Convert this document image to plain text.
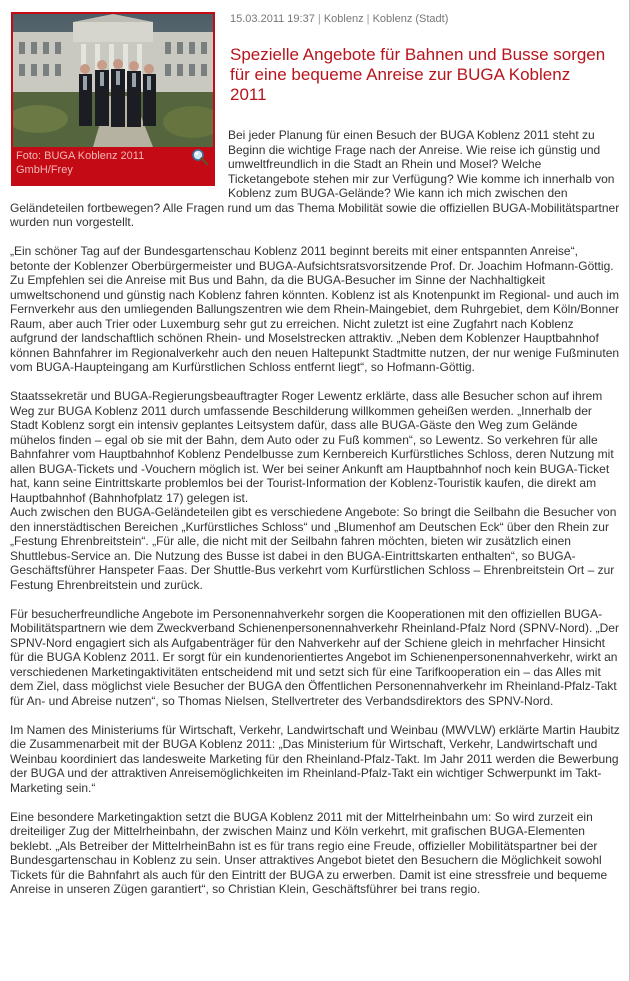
Foto: BUGA Koblenz 2011 GmbH/Frey
15.03.2011 19:37 | Koblenz | Koblenz (Stadt)
Spezielle Angebote für Bahnen und Busse sorgen für eine bequeme Anreise zur BUGA Koblenz 2011

Bei jeder Planung für einen Besuch der BUGA Koblenz 2011 steht zu Beginn die wichtige Frage nach der Anreise. Wie reise ich günstig und umweltfreundlich in die Stadt an Rhein und Mosel? Welche Ticketangebote stehen mir zur Verfügung? Wie komme ich innerhalb von Koblenz zum BUGA-Gelände? Wie kann ich mich zwischen den Geländeteilen fortbewegen? Alle Fragen rund um das Thema Mobilität sowie die offiziellen BUGA-Mobilitätspartner wurden nun vorgestellt.

„Ein schöner Tag auf der Bundesgartenschau Koblenz 2011 beginnt bereits mit einer entspannten Anreise“, betonte der Koblenzer Oberbürgermeister und BUGA-Aufsichtsratsvorsitzende Prof. Dr. Joachim Hofmann-Göttig. Zu Empfehlen sei die Anreise mit Bus und Bahn, da die BUGA-Besucher im Sinne der Nachhaltigkeit umweltschonend und günstig nach Koblenz fahren könnten. Koblenz ist als Knotenpunkt im Regional- und auch im Fernverkehr aus den umliegenden Ballungszentren wie dem Rhein-Maingebiet, dem Ruhrgebiet, dem Köln/Bonner Raum, aber auch Trier oder Luxemburg sehr gut zu erreichen. Nicht zuletzt ist eine Zugfahrt nach Koblenz aufgrund der landschaftlich schönen Rhein- und Moselstrecken attraktiv. „Neben dem Koblenzer Hauptbahnhof können Bahnfahrer im Regionalverkehr auch den neuen Haltepunkt Stadtmitte nutzen, der nur wenige Fußminuten vom BUGA-Haupteingang am Kurfürstlichen Schloss entfernt liegt“, so Hofmann-Göttig.

Staatssekretär und BUGA-Regierungsbeauftragter Roger Lewentz erklärte, dass alle Besucher schon auf ihrem Weg zur BUGA Koblenz 2011 durch umfassende Beschilderung willkommen geheißen werden. „Innerhalb der Stadt Koblenz sorgt ein intensiv geplantes Leitsystem dafür, dass alle BUGA-Gäste den Weg zum Gelände mühelos finden – egal ob sie mit der Bahn, dem Auto oder zu Fuß kommen“, so Lewentz. So verkehren für alle Bahnfahrer vom Hauptbahnhof Koblenz Pendelbusse zum Kernbereich Kurfürstliches Schloss, deren Nutzung mit allen BUGA-Tickets und -Vouchern möglich ist. Wer bei seiner Ankunft am Hauptbahnhof noch kein BUGA-Ticket hat, kann seine Eintrittskarte problemlos bei der Tourist-Information der Koblenz-Touristik kaufen, die direkt am Hauptbahnhof (Bahnhofplatz 17) gelegen ist.

Auch zwischen den BUGA-Geländeteilen gibt es verschiedene Angebote: So bringt die Seilbahn die Besucher von den innerstädtischen Bereichen „Kurfürstliches Schloss“ und „Blumenhof am Deutschen Eck“ über den Rhein zur „Festung Ehrenbreitstein“. „Für alle, die nicht mit der Seilbahn fahren möchten, bieten wir zusätzlich einen Shuttlebus-Service an. Die Nutzung des Busse ist dabei in den BUGA-Eintrittskarten enthalten“, so BUGA-Geschäftsführer Hanspeter Faas. Der Shuttle-Bus verkehrt vom Kurfürstlichen Schloss – Ehrenbreitstein Ort – zur Festung Ehrenbreitstein und zurück.

Für besucherfreundliche Angebote im Personennahverkehr sorgen die Kooperationen mit den offiziellen BUGA-Mobilitätspartnern wie dem Zweckverband Schienenpersonennahverkehr Rheinland-Pfalz Nord (SPNV-Nord). „Der SPNV-Nord engagiert sich als Aufgabenträger für den Nahverkehr auf der Schiene gleich in mehrfacher Hinsicht für die BUGA Koblenz 2011. Er sorgt für ein kundenorientiertes Angebot im Schienenpersonennahverkehr, wirkt an verschiedenen Marketingaktivitäten entscheidend mit und setzt sich für eine Tarifkooperation ein – das Alles mit dem Ziel, dass möglichst viele Besucher der BUGA den Öffentlichen Personennahverkehr im Rheinland-Pfalz-Takt für An- und Abreise nutzen“, so Thomas Nielsen, Stellvertreter des Verbandsdirektors des SPNV-Nord.

Im Namen des Ministeriums für Wirtschaft, Verkehr, Landwirtschaft und Weinbau (MWVLW) erklärte Martin Haubitz die Zusammenarbeit mit der BUGA Koblenz 2011: „Das Ministerium für Wirtschaft, Verkehr, Landwirtschaft und Weinbau koordiniert das landesweite Marketing für den Rheinland-Pfalz-Takt. Im Jahr 2011 werden die Bewerbung der BUGA und der attraktiven Anreisemöglichkeiten im Rheinland-Pfalz-Takt ein wichtiger Schwerpunkt im Takt-Marketing sein.“

Eine besondere Marketingaktion setzt die BUGA Koblenz 2011 mit der Mittelrheinbahn um: So wird zurzeit ein dreiteiliger Zug der Mittelrheinbahn, der zwischen Mainz und Köln verkehrt, mit grafischen BUGA-Elementen beklebt. „Als Betreiber der MittelrheinBahn ist es für trans regio eine Freude, offizieller Mobilitätspartner bei der Bundesgartenschau in Koblenz zu sein. Unser attraktives Angebot bietet den Besuchern die Möglichkeit sowohl Tickets für die Bahnfahrt als auch für den Eintritt der BUGA zu erwerben. Damit ist eine stressfreie und bequeme Anreise in unseren Zügen garantiert“, so Christian Klein, Geschäftsführer bei trans regio.
